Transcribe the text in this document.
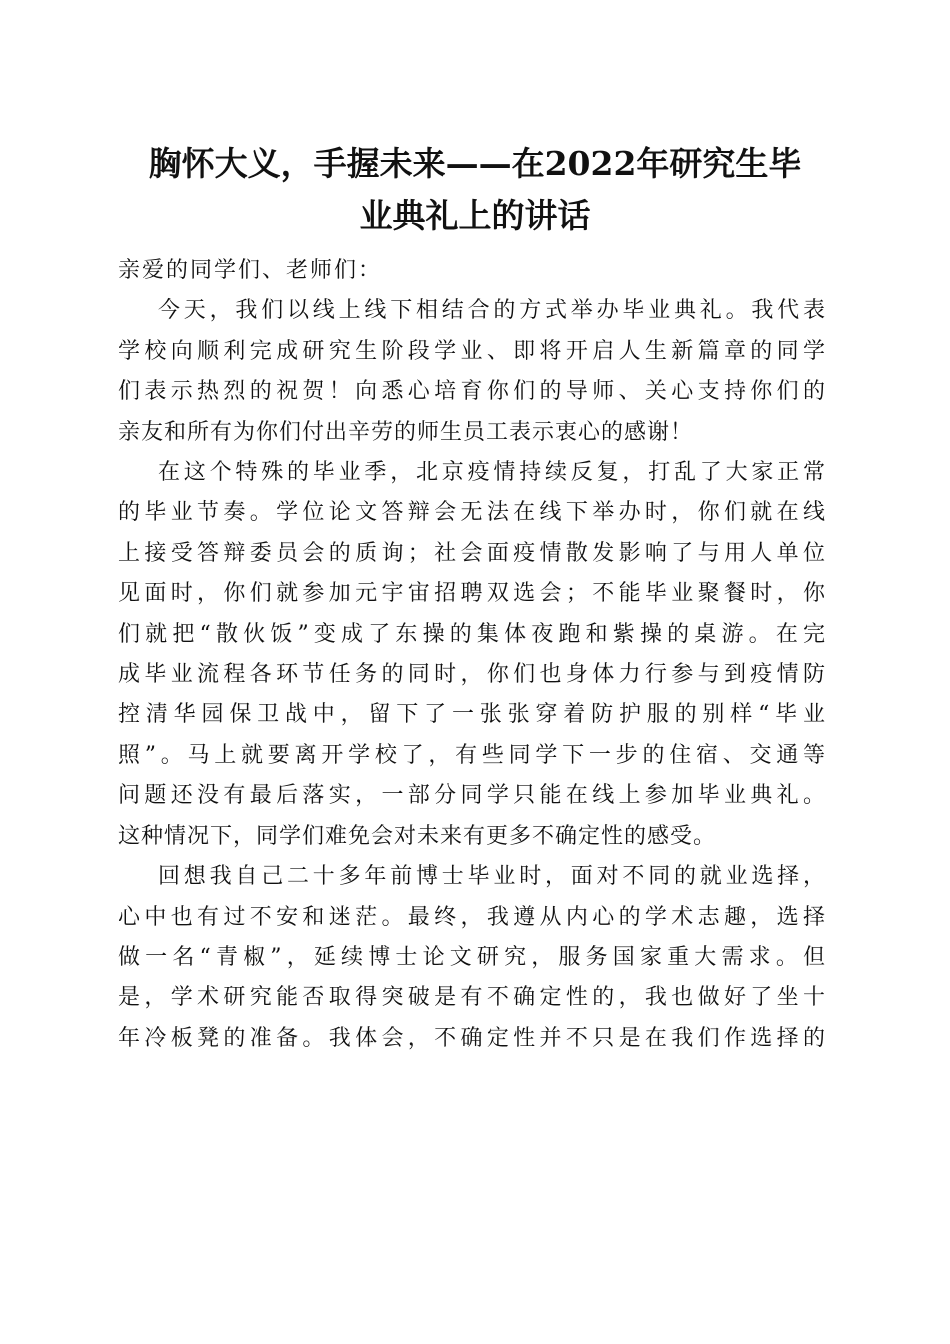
胸怀大义，手握未来——在2022年研究生毕
业典礼上的讲话

亲爱的同学们、老师们：

今天，我们以线上线下相结合的方式举办毕业典礼。我代表
学校向顺利完成研究生阶段学业、即将开启人生新篇章的同学
们表示热烈的祝贺！向悉心培育你们的导师、关心支持你们的
亲友和所有为你们付出辛劳的师生员工表示衷心的感谢！

在这个特殊的毕业季，北京疫情持续反复，打乱了大家正常
的毕业节奏。学位论文答辩会无法在线下举办时，你们就在线
上接受答辩委员会的质询；社会面疫情散发影响了与用人单位
见面时，你们就参加元宇宙招聘双选会；不能毕业聚餐时，你
们就把“散伙饭”变成了东操的集体夜跑和紫操的桌游。在完
成毕业流程各环节任务的同时，你们也身体力行参与到疫情防
控清华园保卫战中，留下了一张张穿着防护服的别样“毕业
照”。马上就要离开学校了，有些同学下一步的住宿、交通等
问题还没有最后落实，一部分同学只能在线上参加毕业典礼。
这种情况下，同学们难免会对未来有更多不确定性的感受。

回想我自己二十多年前博士毕业时，面对不同的就业选择，
心中也有过不安和迷茫。最终，我遵从内心的学术志趣，选择
做一名“青椒”，延续博士论文研究，服务国家重大需求。但
是，学术研究能否取得突破是有不确定性的，我也做好了坐十
年冷板凳的准备。我体会，不确定性并不只是在我们作选择的
